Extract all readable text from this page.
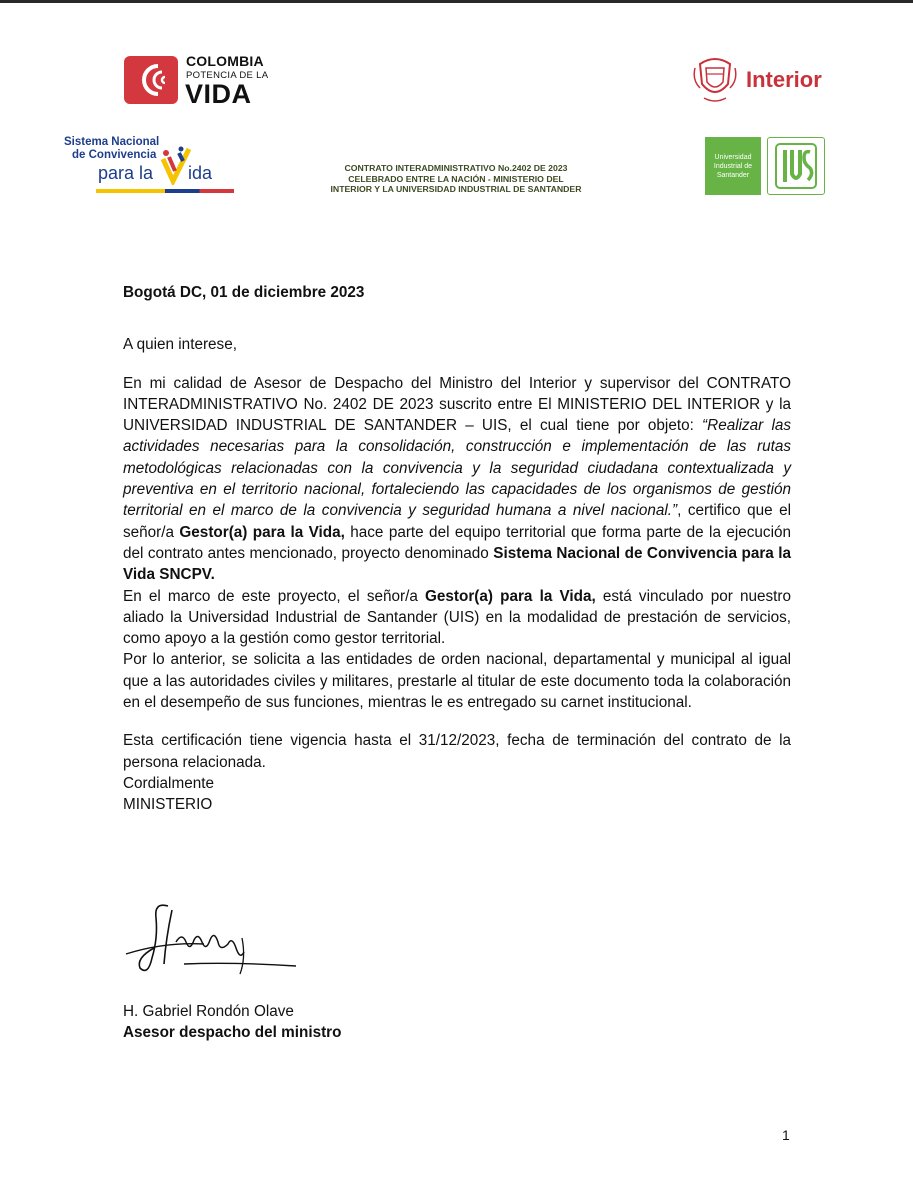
COLOMBIA
POTENCIA DE LA
VIDA	Interior
Sistema Nacional
de Convivencia
para la ida	CONTRATO INTERADMINISTRATIVO No.2402 DE 2023 CELEBRADO ENTRE LA NACIÓN - MINISTERIO DEL INTERIOR Y LA UNIVERSIDAD INDUSTRIAL DE SANTANDER
Universidad Industrial de Santander

Bogotá DC, 01 de diciembre 2023

A quien interese,

En mi calidad de Asesor de Despacho del Ministro del Interior y supervisor del CONTRATO INTERADMINISTRATIVO No. 2402 DE 2023 suscrito entre El MINISTERIO DEL INTERIOR y la UNIVERSIDAD INDUSTRIAL DE SANTANDER – UIS, el cual tiene por objeto: “Realizar las actividades necesarias para la consolidación, construcción e implementación de las rutas metodológicas relacionadas con la convivencia y la seguridad ciudadana contextualizada y preventiva en el territorio nacional, fortaleciendo las capacidades de los organismos de gestión territorial en el marco de la convivencia y seguridad humana a nivel nacional.”, certifico que el señor/a Gestor(a) para la Vida, hace parte del equipo territorial que forma parte de la ejecución del contrato antes mencionado, proyecto denominado Sistema Nacional de Convivencia para la Vida SNCPV.

En el marco de este proyecto, el señor/a Gestor(a) para la Vida, está vinculado por nuestro aliado la Universidad Industrial de Santander (UIS) en la modalidad de prestación de servicios, como apoyo a la gestión como gestor territorial.

Por lo anterior, se solicita a las entidades de orden nacional, departamental y municipal al igual que a las autoridades civiles y militares, prestarle al titular de este documento toda la colaboración en el desempeño de sus funciones, mientras le es entregado su carnet institucional.

Esta certificación tiene vigencia hasta el 31/12/2023, fecha de terminación del contrato de la persona relacionada.

Cordialmente

MINISTERIO

H. Gabriel Rondón Olave
Asesor despacho del ministro
1
